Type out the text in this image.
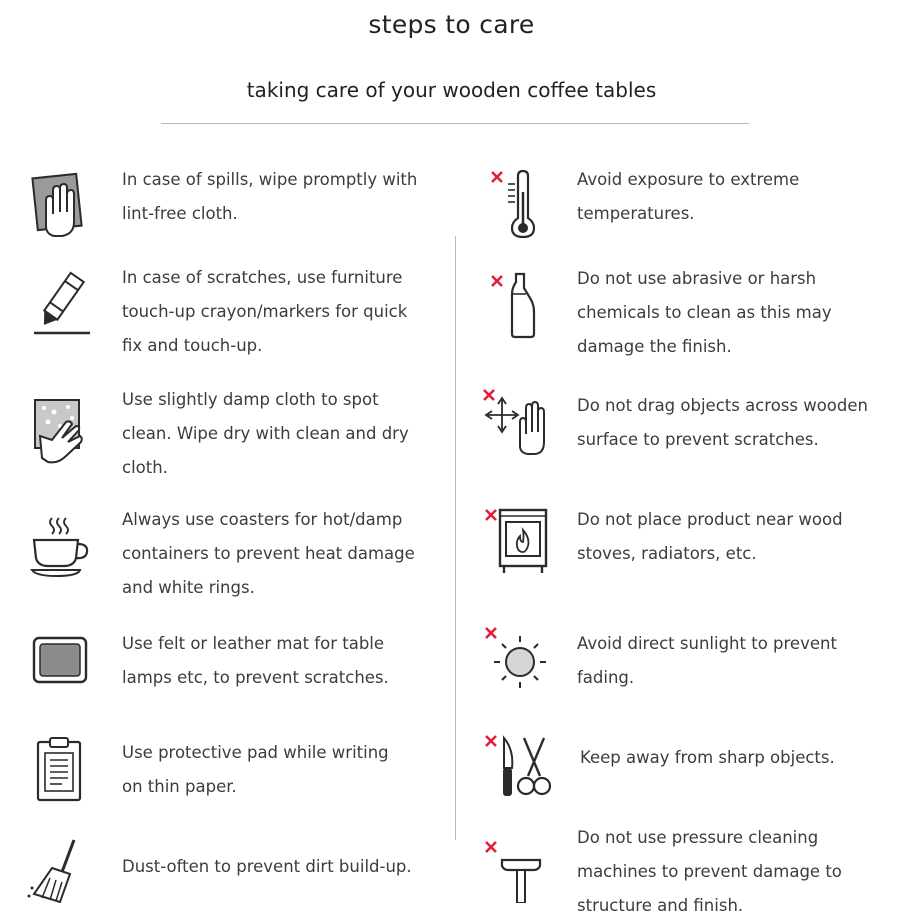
steps to care
taking care of your wooden coffee tables
In case of spills, wipe promptly with
lint-free cloth.
In case of scratches, use furniture
touch-up crayon/markers for quick
fix and touch-up.
Use slightly damp cloth to spot
clean. Wipe dry with clean and dry
cloth.
Always use coasters for hot/damp
containers to prevent heat damage
and white rings.
Use felt or leather mat for table
lamps etc, to prevent scratches.
Use protective pad while writing
on thin paper.
Dust-often to prevent dirt build-up.
Avoid exposure to extreme
temperatures.
Do not use abrasive or harsh
chemicals to clean as this may
damage the finish.
Do not drag objects across wooden
surface to prevent scratches.
Do not place product near wood
stoves, radiators, etc.
Avoid direct sunlight to prevent
fading.
Keep away from sharp objects.
Do not use pressure cleaning
machines to prevent damage to
structure and finish.
